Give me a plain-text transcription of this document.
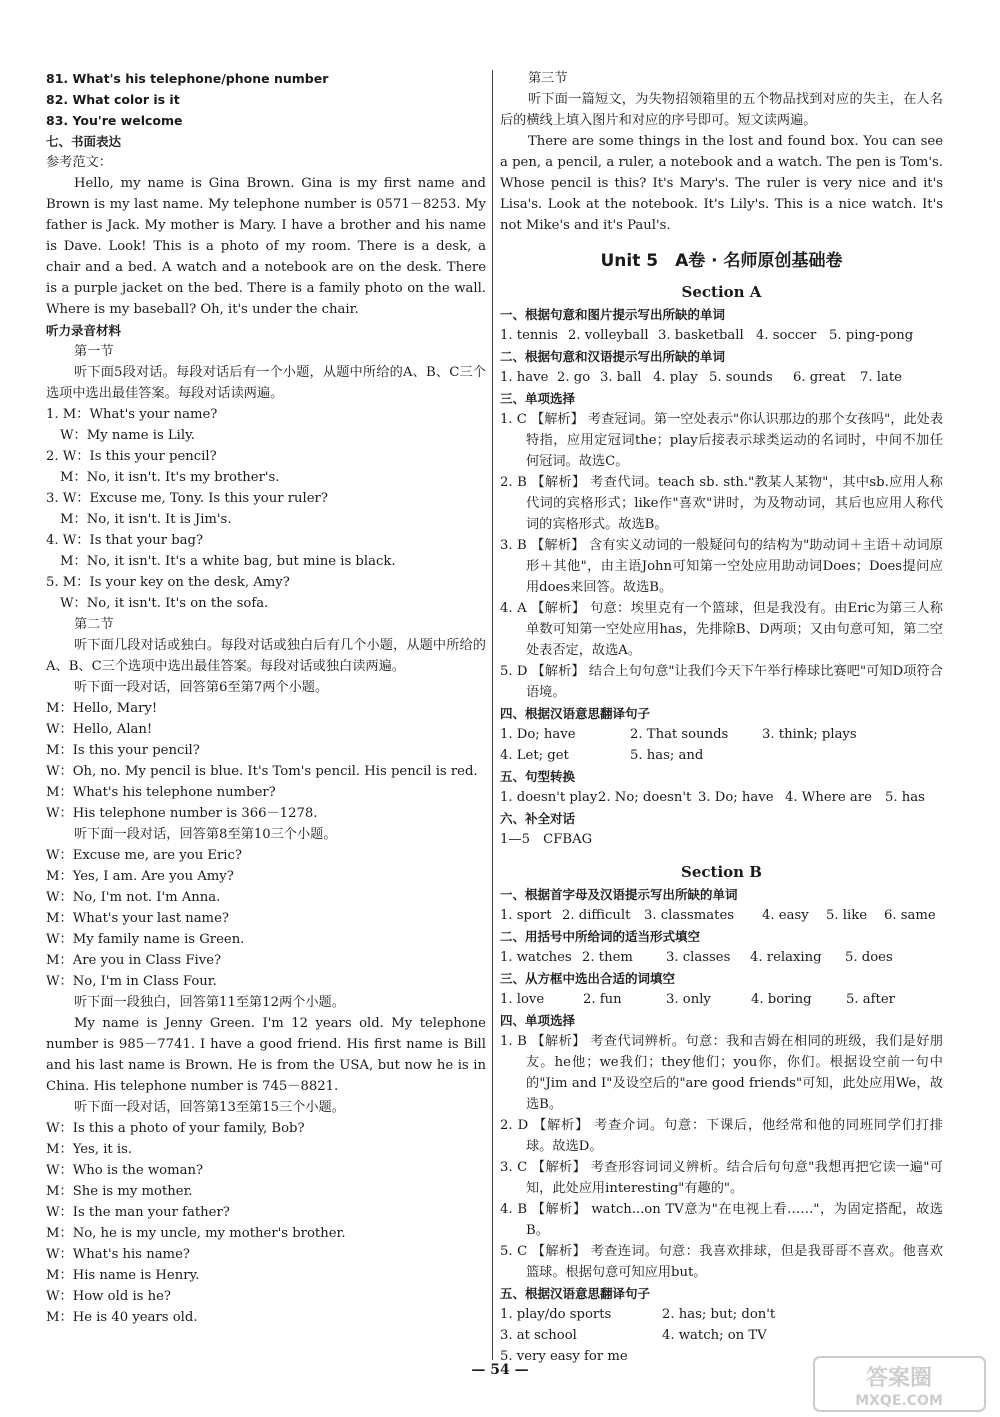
81. What's his telephone/phone number

82. What color is it

83. You're welcome

七、书面表达

参考范文：

Hello, my name is Gina Brown. Gina is my first name and Brown is my last name. My telephone number is 0571－8253. My father is Jack. My mother is Mary. I have a brother and his name is Dave. Look! This is a photo of my room. There is a desk, a chair and a bed. A watch and a notebook are on the desk. There is a purple jacket on the bed. There is a family photo on the wall. Where is my baseball? Oh, it's under the chair.

听力录音材料

第一节

听下面5段对话。每段对话后有一个小题，从题中所给的A、B、C三个选项中选出最佳答案。每段对话读两遍。

1. M：What's your name?

W：My name is Lily.

2. W：Is this your pencil?

M：No, it isn't. It's my brother's.

3. W：Excuse me, Tony. Is this your ruler?

M：No, it isn't. It is Jim's.

4. W：Is that your bag?

M：No, it isn't. It's a white bag, but mine is black.

5. M：Is your key on the desk, Amy?

W：No, it isn't. It's on the sofa.

第二节

听下面几段对话或独白。每段对话或独白后有几个小题，从题中所给的A、B、C三个选项中选出最佳答案。每段对话或独白读两遍。

听下面一段对话，回答第6至第7两个小题。

M：Hello, Mary!

W：Hello, Alan!

M：Is this your pencil?

W：Oh, no. My pencil is blue. It's Tom's pencil. His pencil is red.

M：What's his telephone number?

W：His telephone number is 366－1278.

听下面一段对话，回答第8至第10三个小题。

W：Excuse me, are you Eric?

M：Yes, I am. Are you Amy?

W：No, I'm not. I'm Anna.

M：What's your last name?

W：My family name is Green.

M：Are you in Class Five?

W：No, I'm in Class Four.

听下面一段独白，回答第11至第12两个小题。

My name is Jenny Green. I'm 12 years old. My telephone number is 985－7741. I have a good friend. His first name is Bill and his last name is Brown. He is from the USA, but now he is in China. His telephone number is 745－8821.

听下面一段对话，回答第13至第15三个小题。

W：Is this a photo of your family, Bob?

M：Yes, it is.

W：Who is the woman?

M：She is my mother.

W：Is the man your father?

M：No, he is my uncle, my mother's brother.

W：What's his name?

M：His name is Henry.

W：How old is he?

M：He is 40 years old.

第三节

听下面一篇短文，为失物招领箱里的五个物品找到对应的失主，在人名后的横线上填入图片和对应的序号即可。短文读两遍。

There are some things in the lost and found box. You can see a pen, a pencil, a ruler, a notebook and a watch. The pen is Tom's. Whose pencil is this? It's Mary's. The ruler is very nice and it's Lisa's. Look at the notebook. It's Lily's. This is a nice watch. It's not Mike's and it's Paul's.

Unit 5　A卷 · 名师原创基础卷

Section A

一、根据句意和图片提示写出所缺的单词

1. tennis 2. volleyball 3. basketball 4. soccer 5. ping-pong

二、根据句意和汉语提示写出所缺的单词

1. have 2. go 3. ball 4. play 5. sounds	6. great	7. late

三、单项选择

1. C 【解析】 考查冠词。第一空处表示"你认识那边的那个女孩吗"，此处表特指，应用定冠词the；play后接表示球类运动的名词时，中间不加任何冠词。故选C。

2. B 【解析】 考查代词。teach sb. sth."教某人某物"，其中sb.应用人称代词的宾格形式；like作"喜欢"讲时，为及物动词，其后也应用人称代词的宾格形式。故选B。

3. B 【解析】 含有实义动词的一般疑问句的结构为"助动词＋主语＋动词原形＋其他"，由主语John可知第一空处应用助动词Does；Does提问应用does来回答。故选B。

4. A 【解析】 句意：埃里克有一个篮球，但是我没有。由Eric为第三人称单数可知第一空处应用has，先排除B、D两项；又由句意可知，第二空处表否定，故选A。

5. D 【解析】 结合上句句意"让我们今天下午举行棒球比赛吧"可知D项符合语境。

四、根据汉语意思翻译句子

1. Do; have	2. That sounds	3. think; plays
4. Let; get	5. has; and

五、句型转换

1. doesn't play 2. No; doesn't 3. Do; have 4. Where are 5. has

六、补全对话

1—5　CFBAG

Section B

一、根据首字母及汉语提示写出所缺的单词

1. sport 2. difficult	3. classmates	4. easy	5. like	6. same

二、用括号中所给词的适当形式填空

1. watches 2. them	3. classes	4. relaxing	5. does

三、从方框中选出合适的词填空

1. love	2. fun	3. only	4. boring	5. after

四、单项选择

1. B 【解析】 考查代词辨析。句意：我和吉姆在相同的班级，我们是好朋友。he他；we我们；they他们；you你，你们。根据设空前一句中的"Jim and I"及设空后的"are good friends"可知，此处应用We，故选B。

2. D 【解析】 考查介词。句意：下课后，他经常和他的同班同学们打排球。故选D。

3. C 【解析】 考查形容词词义辨析。结合后句句意"我想再把它读一遍"可知，此处应用interesting"有趣的"。

4. B 【解析】 watch...on TV意为"在电视上看……"，为固定搭配，故选B。

5. C 【解析】 考查连词。句意：我喜欢排球，但是我哥哥不喜欢。他喜欢篮球。根据句意可知应用but。

五、根据汉语意思翻译句子

1. play/do sports	2. has; but; don't
3. at school	4. watch; on TV
5. very easy for me
— 54 —	答案圈
MXQE.COM
